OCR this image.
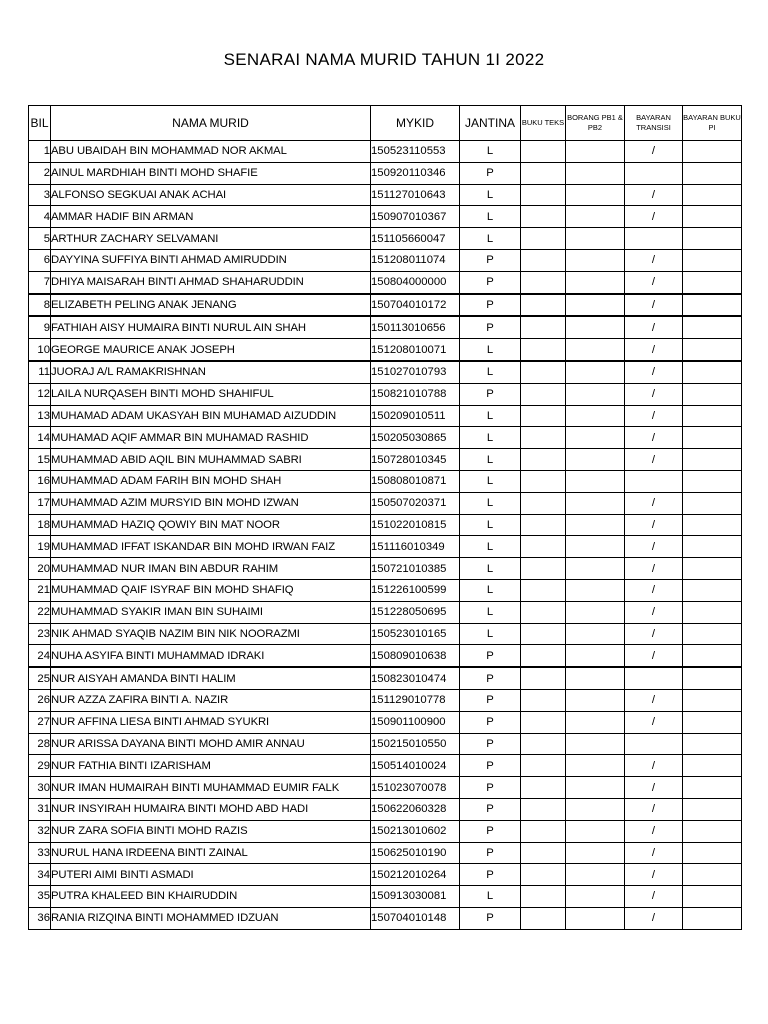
SENARAI NAMA MURID TAHUN 1I 2022
BIL	NAMA MURID	MYKID	JANTINA	BUKU TEKS	BORANG PB1 & PB2	BAYARAN TRANSISI	BAYARAN BUKU PI
1	ABU UBAIDAH BIN MOHAMMAD NOR AKMAL	150523110553	L			/	
2	AINUL MARDHIAH BINTI MOHD SHAFIE	150920110346	P				
3	ALFONSO SEGKUAI ANAK ACHAI	151127010643	L			/	
4	AMMAR HADIF BIN ARMAN	150907010367	L			/	
5	ARTHUR ZACHARY SELVAMANI	151105660047	L				
6	DAYYINA SUFFIYA BINTI AHMAD AMIRUDDIN	151208011074	P			/	
7	DHIYA MAISARAH BINTI AHMAD SHAHARUDDIN	150804000000	P			/	
8	ELIZABETH PELING ANAK JENANG	150704010172	P			/	
9	FATHIAH AISY HUMAIRA BINTI NURUL AIN SHAH	150113010656	P			/	
10	GEORGE MAURICE ANAK JOSEPH	151208010071	L			/	
11	JUORAJ A/L RAMAKRISHNAN	151027010793	L			/	
12	LAILA NURQASEH BINTI MOHD SHAHIFUL	150821010788	P			/	
13	MUHAMAD ADAM UKASYAH BIN MUHAMAD AIZUDDIN	150209010511	L			/	
14	MUHAMAD AQIF AMMAR BIN MUHAMAD RASHID	150205030865	L			/	
15	MUHAMMAD ABID AQIL BIN MUHAMMAD SABRI	150728010345	L			/	
16	MUHAMMAD ADAM FARIH BIN MOHD SHAH	150808010871	L				
17	MUHAMMAD AZIM MURSYID BIN MOHD IZWAN	150507020371	L			/	
18	MUHAMMAD HAZIQ QOWIY BIN MAT NOOR	151022010815	L			/	
19	MUHAMMAD IFFAT ISKANDAR BIN MOHD IRWAN FAIZ	151116010349	L			/	
20	MUHAMMAD NUR IMAN BIN ABDUR RAHIM	150721010385	L			/	
21	MUHAMMAD QAIF ISYRAF BIN MOHD SHAFIQ	151226100599	L			/	
22	MUHAMMAD SYAKIR IMAN BIN SUHAIMI	151228050695	L			/	
23	NIK AHMAD SYAQIB NAZIM BIN NIK NOORAZMI	150523010165	L			/	
24	NUHA ASYIFA BINTI MUHAMMAD IDRAKI	150809010638	P			/	
25	NUR AISYAH AMANDA BINTI HALIM	150823010474	P				
26	NUR AZZA ZAFIRA BINTI A. NAZIR	151129010778	P			/	
27	NUR AFFINA LIESA BINTI AHMAD SYUKRI	150901100900	P			/	
28	NUR ARISSA DAYANA BINTI MOHD AMIR ANNAU	150215010550	P				
29	NUR FATHIA BINTI IZARISHAM	150514010024	P			/	
30	NUR IMAN HUMAIRAH BINTI MUHAMMAD EUMIR FALK	151023070078	P			/	
31	NUR INSYIRAH HUMAIRA BINTI MOHD ABD HADI	150622060328	P			/	
32	NUR ZARA SOFIA BINTI MOHD RAZIS	150213010602	P			/	
33	NURUL HANA IRDEENA BINTI ZAINAL	150625010190	P			/	
34	PUTERI AIMI BINTI ASMADI	150212010264	P			/	
35	PUTRA KHALEED BIN KHAIRUDDIN	150913030081	L			/	
36	RANIA RIZQINA BINTI MOHAMMED IDZUAN	150704010148	P			/	
